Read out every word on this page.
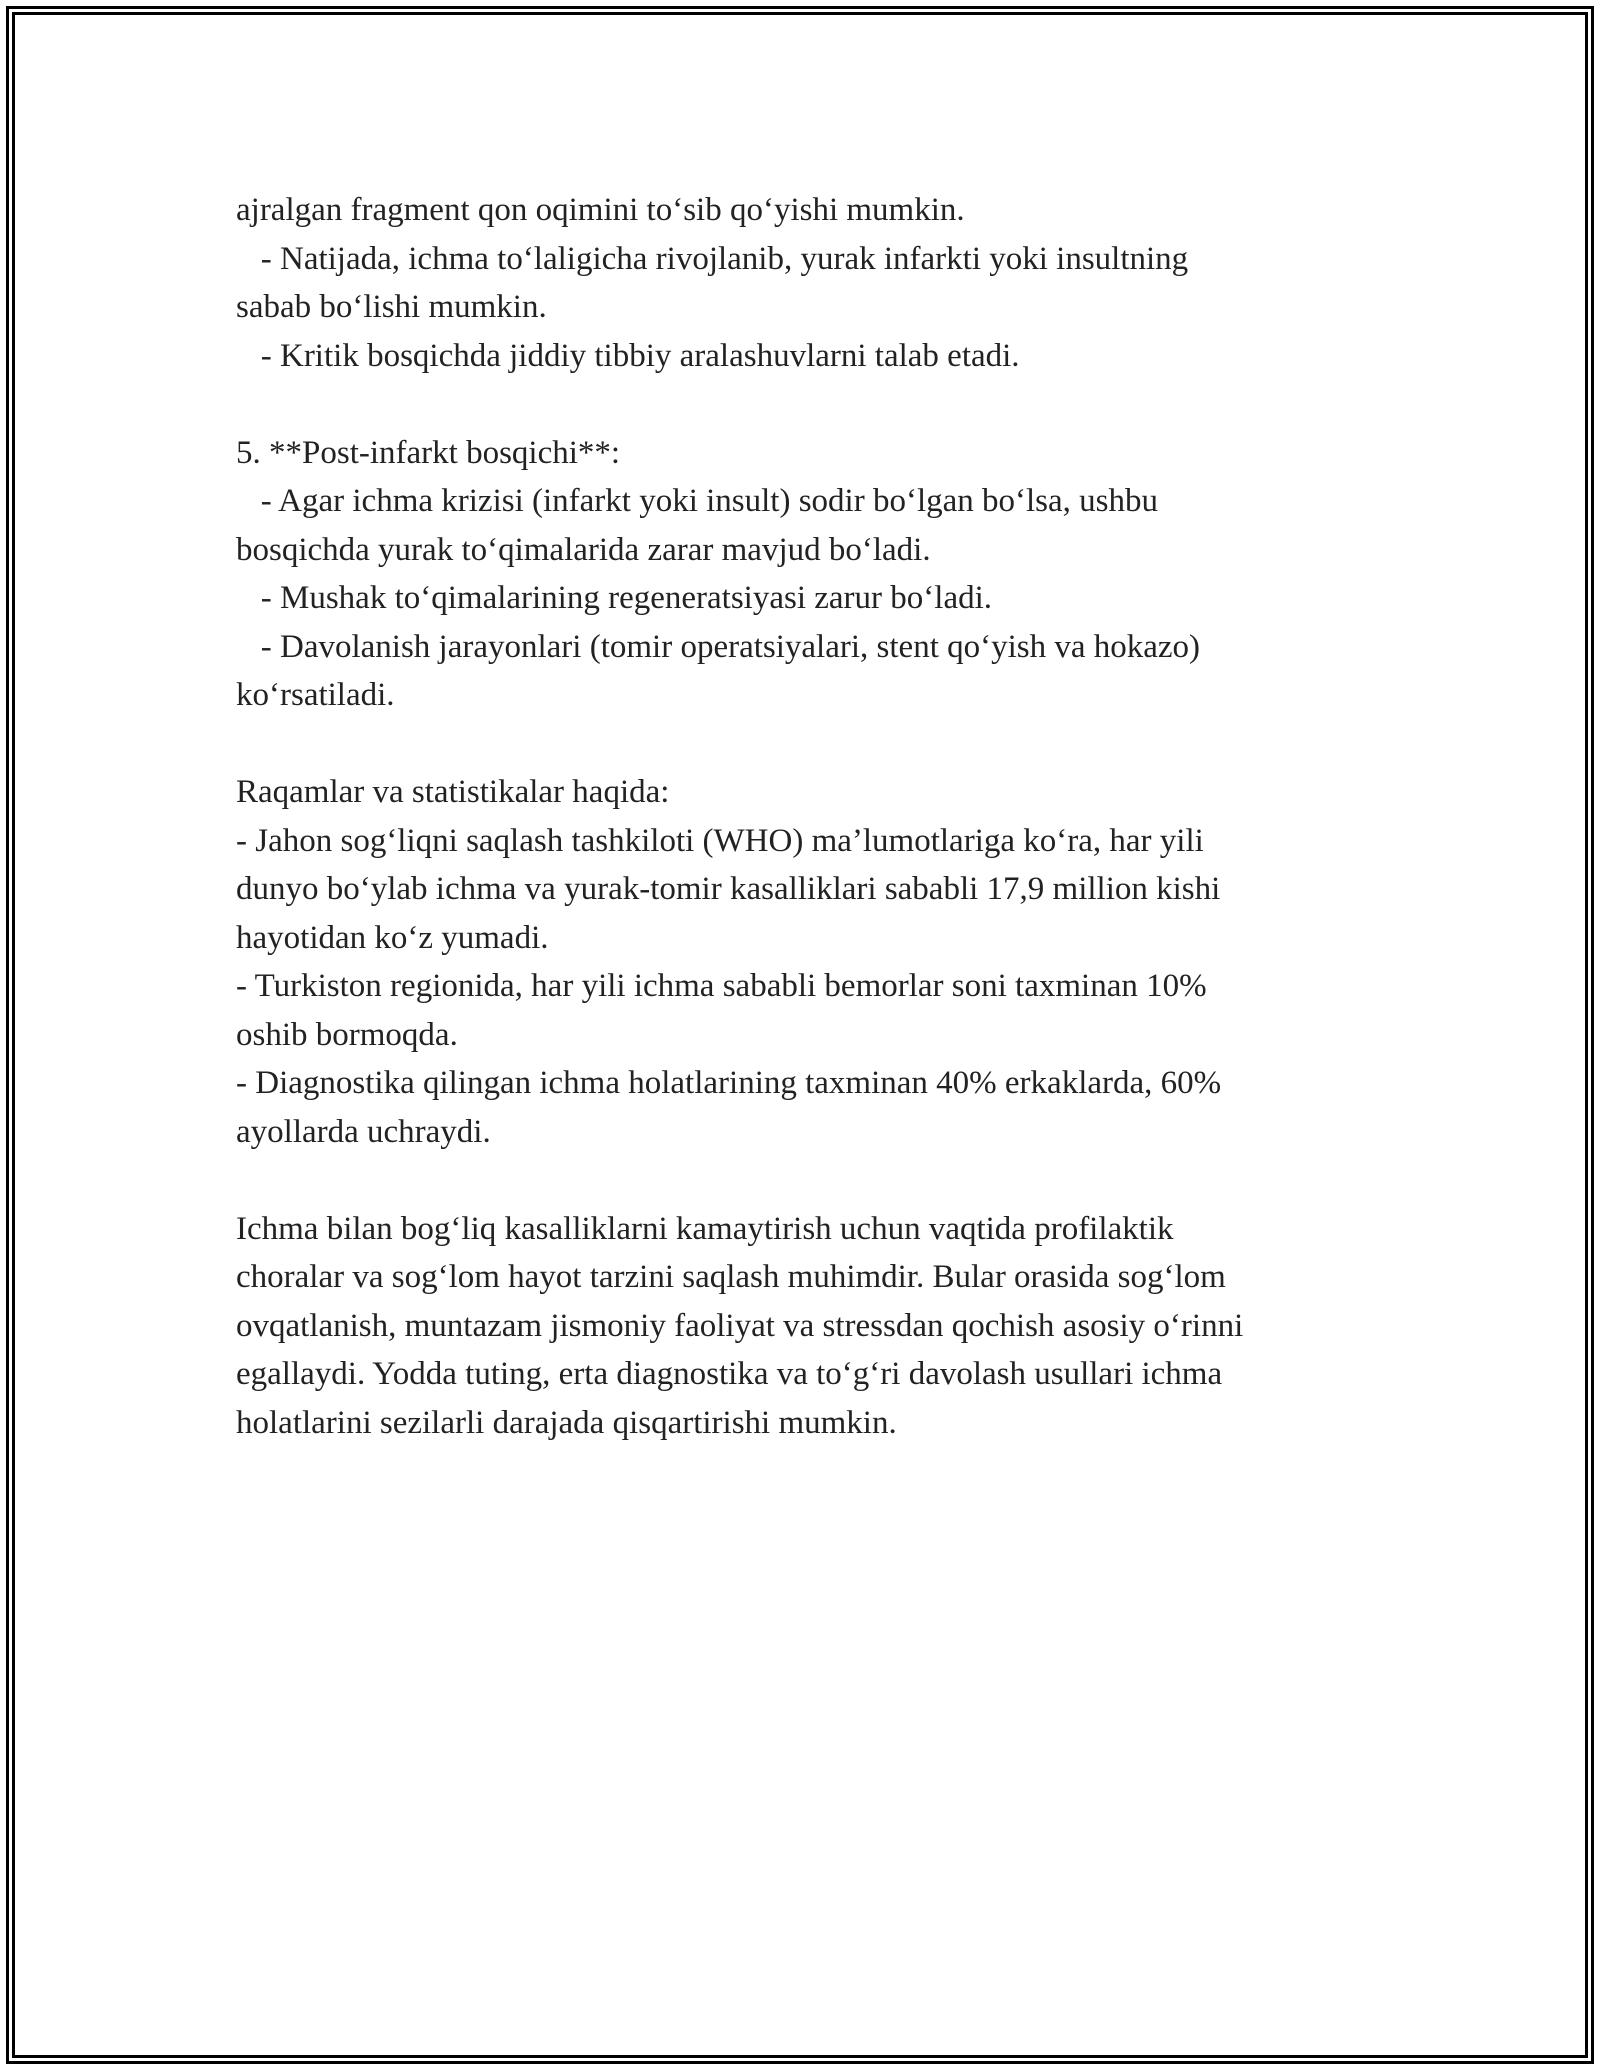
ajralgan fragment qon oqimini to‘sib qo‘yishi mumkin.
- Natijada, ichma to‘laligicha rivojlanib, yurak infarkti yoki insultning
sabab bo‘lishi mumkin.
- Kritik bosqichda jiddiy tibbiy aralashuvlarni talab etadi.
5. **Post-infarkt bosqichi**:
- Agar ichma krizisi (infarkt yoki insult) sodir bo‘lgan bo‘lsa, ushbu
bosqichda yurak to‘qimalarida zarar mavjud bo‘ladi.
- Mushak to‘qimalarining regeneratsiyasi zarur bo‘ladi.
- Davolanish jarayonlari (tomir operatsiyalari, stent qo‘yish va hokazo)
ko‘rsatiladi.
Raqamlar va statistikalar haqida:
- Jahon sog‘liqni saqlash tashkiloti (WHO) ma’lumotlariga ko‘ra, har yili
dunyo bo‘ylab ichma va yurak-tomir kasalliklari sababli 17,9 million kishi
hayotidan ko‘z yumadi.
- Turkiston regionida, har yili ichma sababli bemorlar soni taxminan 10%
oshib bormoqda.
- Diagnostika qilingan ichma holatlarining taxminan 40% erkaklarda, 60%
ayollarda uchraydi.
Ichma bilan bog‘liq kasalliklarni kamaytirish uchun vaqtida profilaktik
choralar va sog‘lom hayot tarzini saqlash muhimdir. Bular orasida sog‘lom
ovqatlanish, muntazam jismoniy faoliyat va stressdan qochish asosiy o‘rinni
egallaydi. Yodda tuting, erta diagnostika va to‘g‘ri davolash usullari ichma
holatlarini sezilarli darajada qisqartirishi mumkin.
